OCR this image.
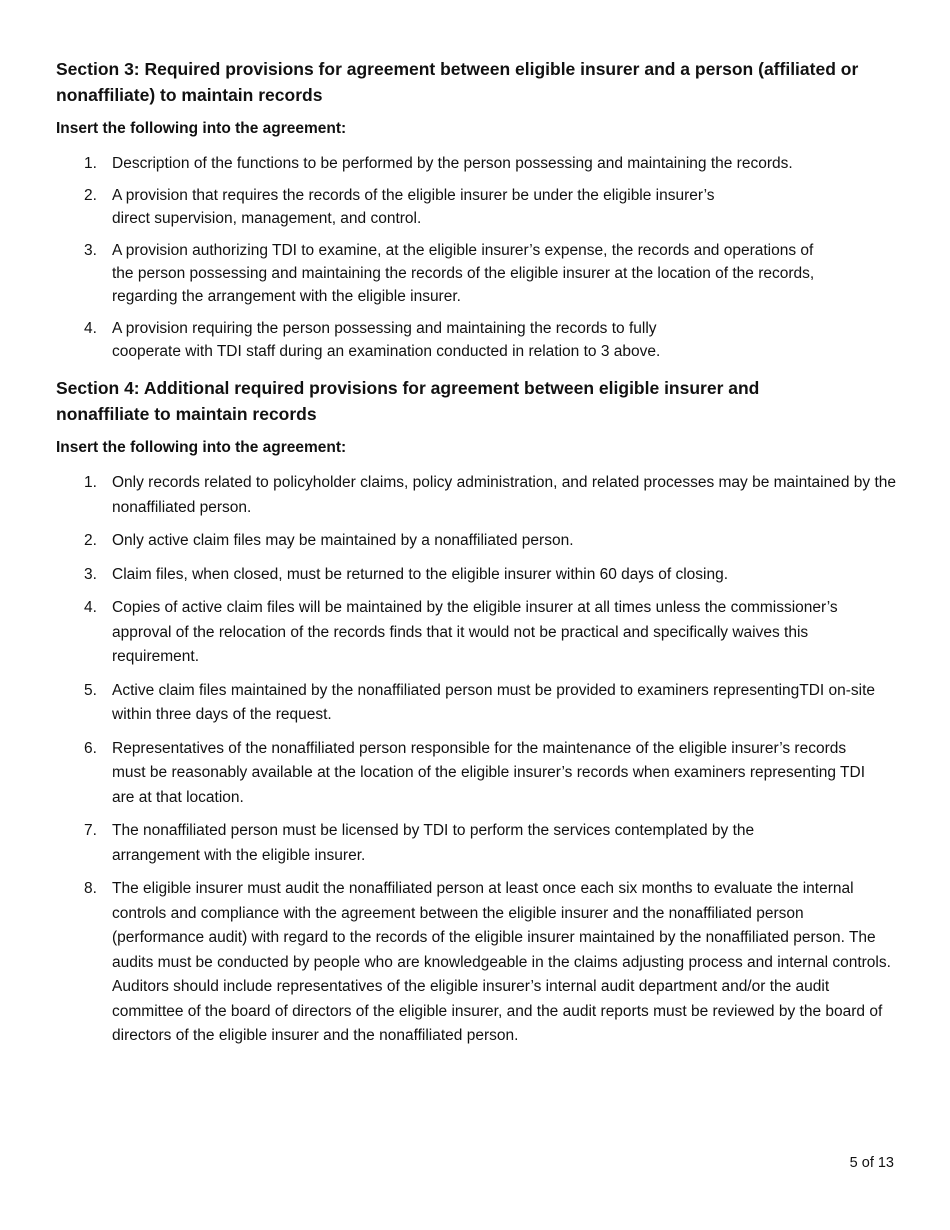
Section 3: Required provisions for agreement between eligible insurer and a person (affiliated or nonaffiliate) to maintain records

Insert the following into the agreement:

1. Description of the functions to be performed by the person possessing and maintaining the records.
2. A provision that requires the records of the eligible insurer be under the eligible insurer’s direct supervision, management, and control.
3. A provision authorizing TDI to examine, at the eligible insurer’s expense, the records and operations of the person possessing and maintaining the records of the eligible insurer at the location of the records, regarding the arrangement with the eligible insurer.
4. A provision requiring the person possessing and maintaining the records to fully cooperate with TDI staff during an examination conducted in relation to 3 above.
Section 4: Additional required provisions for agreement between eligible insurer and nonaffiliate to maintain records

Insert the following into the agreement:

1. Only records related to policyholder claims, policy administration, and related processes may be maintained by the nonaffiliated person.
2. Only active claim files may be maintained by a nonaffiliated person.
3. Claim files, when closed, must be returned to the eligible insurer within 60 days of closing.
4. Copies of active claim files will be maintained by the eligible insurer at all times unless the commissioner’s approval of the relocation of the records finds that it would not be practical and specifically waives this requirement.
5. Active claim files maintained by the nonaffiliated person must be provided to examiners representingTDI on-site within three days of the request.
6. Representatives of the nonaffiliated person responsible for the maintenance of the eligible insurer’s records must be reasonably available at the location of the eligible insurer’s records when examiners representing TDI are at that location.
7. The nonaffiliated person must be licensed by TDI to perform the services contemplated by the arrangement with the eligible insurer.
8. The eligible insurer must audit the nonaffiliated person at least once each six months to evaluate the internal controls and compliance with the agreement between the eligible insurer and the nonaffiliated person (performance audit) with regard to the records of the eligible insurer maintained by the nonaffiliated person. The audits must be conducted by people who are knowledgeable in the claims adjusting process and internal controls. Auditors should include representatives of the eligible insurer’s internal audit department and/or the audit committee of the board of directors of the eligible insurer, and the audit reports must be reviewed by the board of directors of the eligible insurer and the nonaffiliated person.
5 of 13
